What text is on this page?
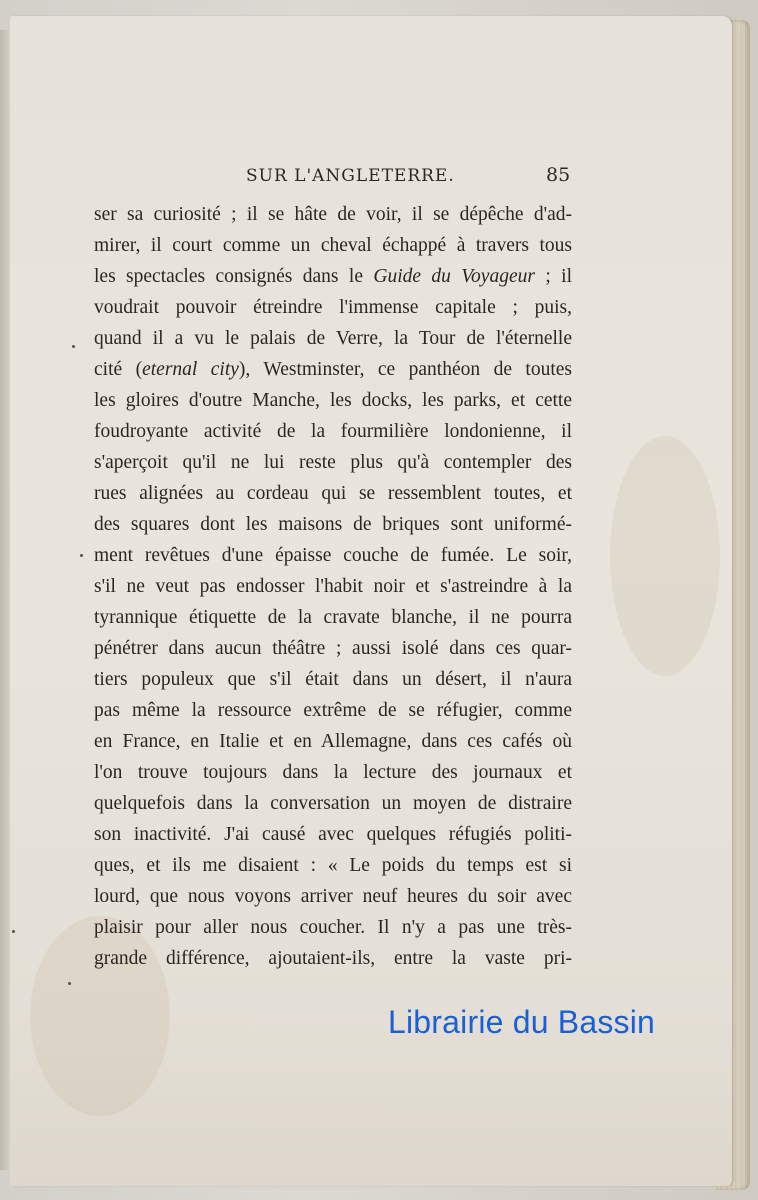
SUR L'ANGLETERRE.	85
ser sa curiosité ; il se hâte de voir, il se dépêche d'ad-
mirer, il court comme un cheval échappé à travers tous
les spectacles consignés dans le Guide du Voyageur ; il
voudrait pouvoir étreindre l'immense capitale ; puis,
quand il a vu le palais de Verre, la Tour de l'éternelle
cité (eternal city), Westminster, ce panthéon de toutes
les gloires d'outre Manche, les docks, les parks, et cette
foudroyante activité de la fourmilière londonienne, il
s'aperçoit qu'il ne lui reste plus qu'à contempler des
rues alignées au cordeau qui se ressemblent toutes, et
des squares dont les maisons de briques sont uniformé-
ment revêtues d'une épaisse couche de fumée. Le soir,
s'il ne veut pas endosser l'habit noir et s'astreindre à la
tyrannique étiquette de la cravate blanche, il ne pourra
pénétrer dans aucun théâtre ; aussi isolé dans ces quar-
tiers populeux que s'il était dans un désert, il n'aura
pas même la ressource extrême de se réfugier, comme
en France, en Italie et en Allemagne, dans ces cafés où
l'on trouve toujours dans la lecture des journaux et
quelquefois dans la conversation un moyen de distraire
son inactivité. J'ai causé avec quelques réfugiés politi-
ques, et ils me disaient : « Le poids du temps est si
lourd, que nous voyons arriver neuf heures du soir avec
plaisir pour aller nous coucher. Il n'y a pas une très-
grande différence, ajoutaient-ils, entre la vaste pri-
Librairie du Bassin
